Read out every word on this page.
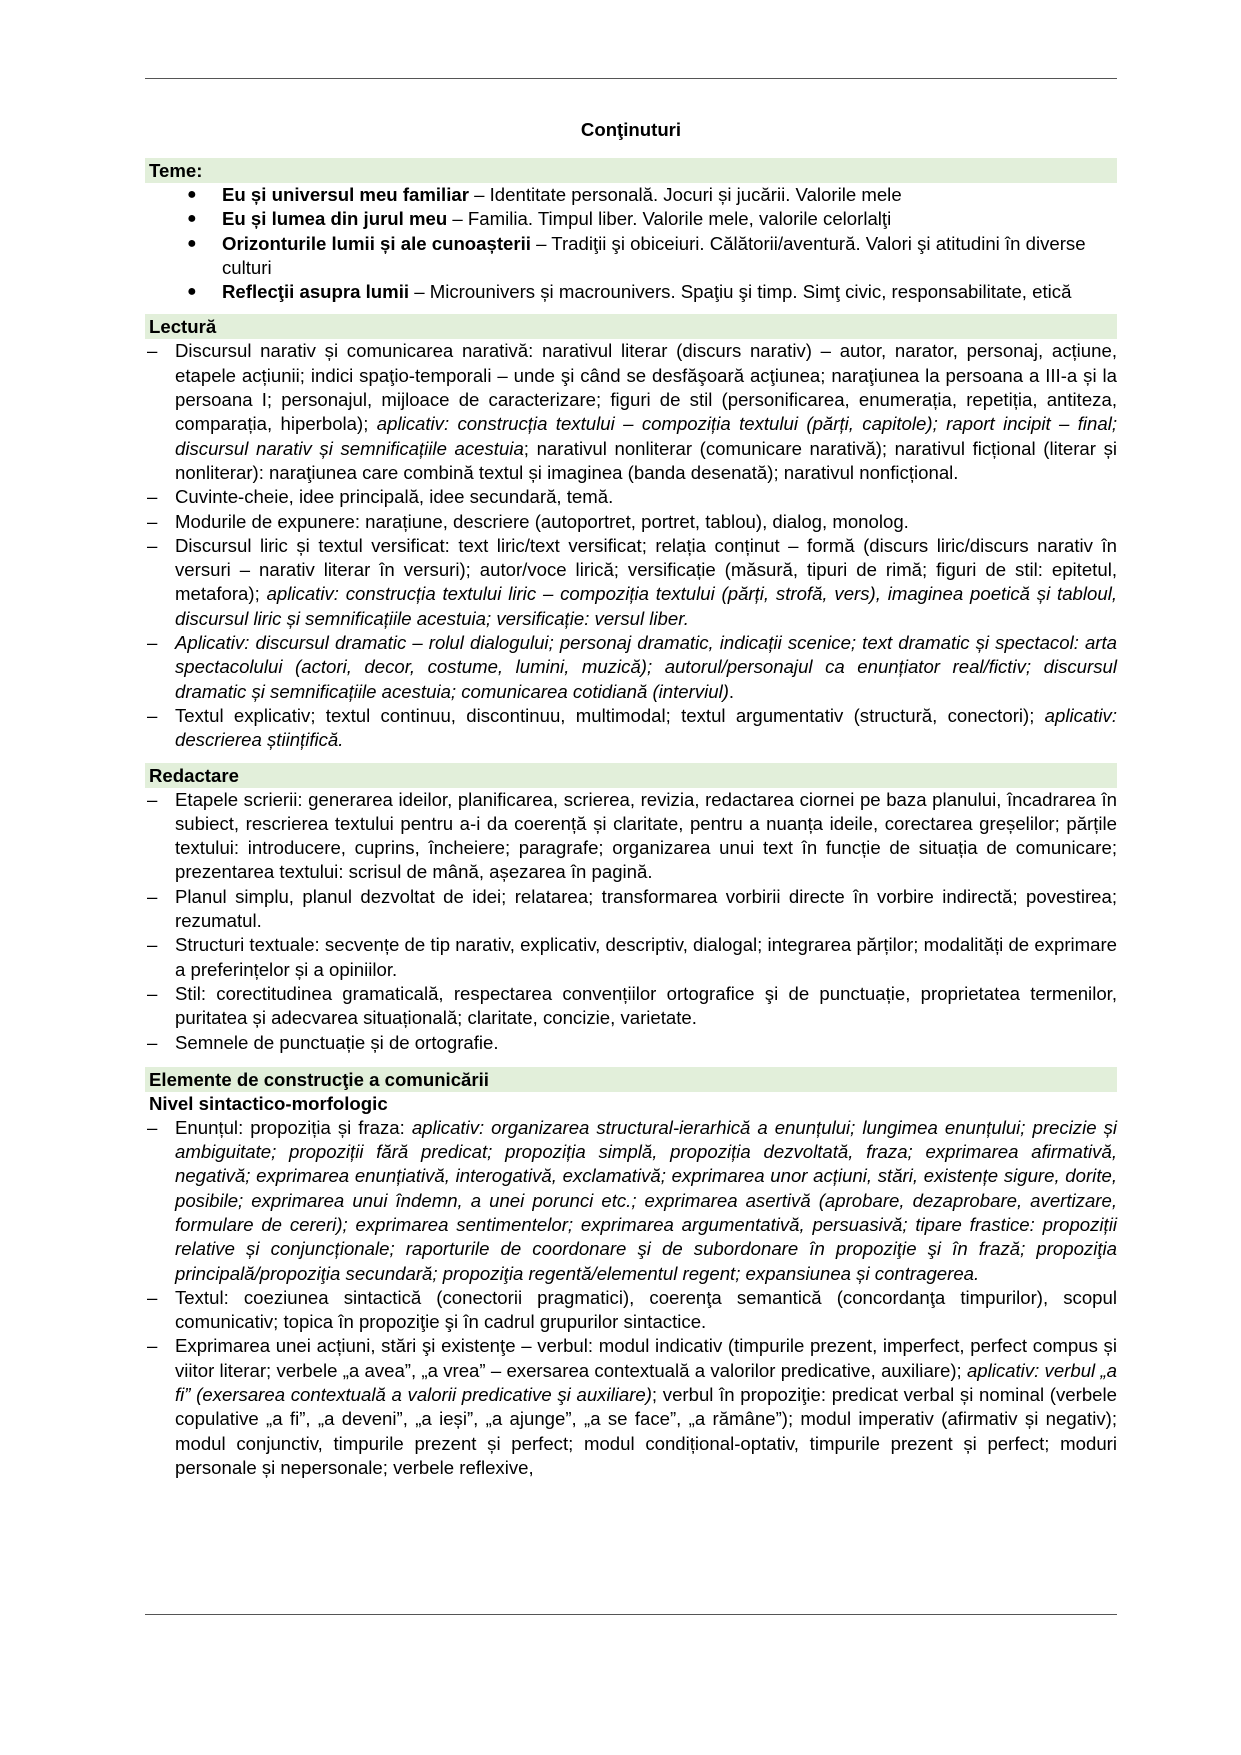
Conţinuturi
Teme:
● Eu și universul meu familiar – Identitate personală. Jocuri și jucării. Valorile mele
● Eu și lumea din jurul meu – Familia. Timpul liber. Valorile mele, valorile celorlalţi
● Orizonturile lumii și ale cunoașterii – Tradiţii şi obiceiuri. Călătorii/aventură. Valori şi atitudini în diverse culturi
● Reflecţii asupra lumii – Microunivers și macrounivers. Spaţiu şi timp. Simţ civic, responsabilitate, etică
Lectură
– Discursul narativ și comunicarea narativă: narativul literar (discurs narativ) – autor, narator, personaj, acțiune, etapele acțiunii; indici spaţio-temporali – unde şi când se desfăşoară acţiunea; naraţiunea la persoana a III-a și la persoana I; personajul, mijloace de caracterizare; figuri de stil (personificarea, enumerația, repetiția, antiteza, comparația, hiperbola); aplicativ: construcția textului – compoziția textului (părți, capitole); raport incipit – final; discursul narativ și semnificațiile acestuia; narativul nonliterar (comunicare narativă); narativul ficțional (literar și nonliterar): naraţiunea care combină textul și imaginea (banda desenată); narativul nonficțional.
– Cuvinte-cheie, idee principală, idee secundară, temă.
– Modurile de expunere: narațiune, descriere (autoportret, portret, tablou), dialog, monolog.
– Discursul liric și textul versificat: text liric/text versificat; relația conținut – formă (discurs liric/discurs narativ în versuri – narativ literar în versuri); autor/voce lirică; versificație (măsură, tipuri de rimă; figuri de stil: epitetul, metafora); aplicativ: construcția textului liric – compoziția textului (părți, strofă, vers), imaginea poetică și tabloul, discursul liric și semnificațiile acestuia; versificație: versul liber.
– Aplicativ: discursul dramatic – rolul dialogului; personaj dramatic, indicații scenice; text dramatic și spectacol: arta spectacolului (actori, decor, costume, lumini, muzică); autorul/personajul ca enunțiator real/fictiv; discursul dramatic și semnificațiile acestuia; comunicarea cotidiană (interviul).
– Textul explicativ; textul continuu, discontinuu, multimodal; textul argumentativ (structură, conectori); aplicativ: descrierea științifică.
Redactare
– Etapele scrierii: generarea ideilor, planificarea, scrierea, revizia, redactarea ciornei pe baza planului, încadrarea în subiect, rescrierea textului pentru a-i da coerență și claritate, pentru a nuanța ideile, corectarea greșelilor; părțile textului: introducere, cuprins, încheiere; paragrafe; organizarea unui text în funcție de situația de comunicare; prezentarea textului: scrisul de mână, așezarea în pagină.
– Planul simplu, planul dezvoltat de idei; relatarea; transformarea vorbirii directe în vorbire indirectă; povestirea; rezumatul.
– Structuri textuale: secvențe de tip narativ, explicativ, descriptiv, dialogal; integrarea părților; modalități de exprimare a preferințelor și a opiniilor.
– Stil: corectitudinea gramaticală, respectarea convențiilor ortografice şi de punctuație, proprietatea termenilor, puritatea și adecvarea situațională; claritate, concizie, varietate.
– Semnele de punctuație și de ortografie.
Elemente de construcţie a comunicării
Nivel sintactico-morfologic
– Enunțul: propoziția și fraza: aplicativ: organizarea structural-ierarhică a enunțului; lungimea enunțului; precizie și ambiguitate; propoziții fără predicat; propoziția simplă, propoziția dezvoltată, fraza; exprimarea afirmativă, negativă; exprimarea enunțiativă, interogativă, exclamativă; exprimarea unor acțiuni, stări, existențe sigure, dorite, posibile; exprimarea unui îndemn, a unei porunci etc.; exprimarea asertivă (aprobare, dezaprobare, avertizare, formulare de cereri); exprimarea sentimentelor; exprimarea argumentativă, persuasivă; tipare frastice: propoziții relative și conjuncționale; raporturile de coordonare şi de subordonare în propoziţie şi în frază; propoziţia principală/propoziţia secundară; propoziţia regentă/elementul regent; expansiunea și contragerea.
– Textul: coeziunea sintactică (conectorii pragmatici), coerenţa semantică (concordanţa timpurilor), scopul comunicativ; topica în propoziţie şi în cadrul grupurilor sintactice.
– Exprimarea unei acțiuni, stări şi existenţe – verbul: modul indicativ (timpurile prezent, imperfect, perfect compus și viitor literar; verbele „a avea”, „a vrea” – exersarea contextuală a valorilor predicative, auxiliare); aplicativ: verbul „a fi” (exersarea contextuală a valorii predicative şi auxiliare); verbul în propoziţie: predicat verbal și nominal (verbele copulative „a fi”, „a deveni”, „a ieși”, „a ajunge”, „a se face”, „a rămâne”); modul imperativ (afirmativ și negativ); modul conjunctiv, timpurile prezent și perfect; modul condițional-optativ, timpurile prezent și perfect; moduri personale și nepersonale; verbele reflexive,
